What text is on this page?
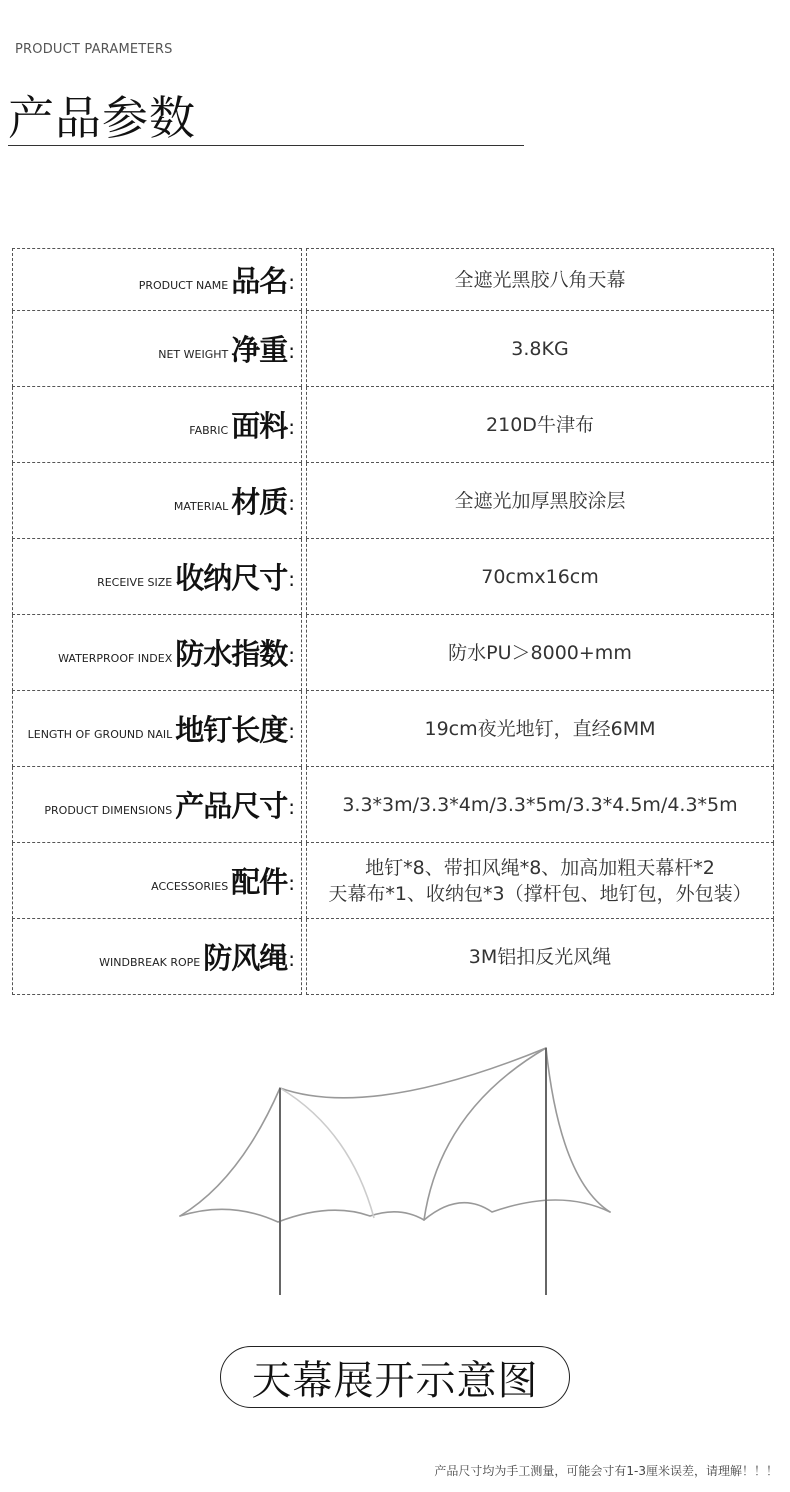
PRODUCT PARAMETERS
产品参数
PRODUCT NAME 品名 :	全遮光黑胶八角天幕
NET WEIGHT 净重 :	3.8KG
FABRIC 面料 :	210D牛津布
MATERIAL 材质 :	全遮光加厚黑胶涂层
RECEIVE SIZE 收纳尺寸 :	70cmx16cm
WATERPROOF INDEX 防水指数 :	防水PU＞8000+mm
LENGTH OF GROUND NAIL 地钉长度 :	19cm夜光地钉，直经6MM
PRODUCT DIMENSIONS 产品尺寸 : 3.3*3m/3.3*4m/3.3*5m/3.3*4.5m/4.3*5m
ACCESSORIES 配件 :
地钉*8、带扣风绳*8、加高加粗天幕杆*2
天幕布*1、收纳包*3（撑杆包、地钉包，外包装）
WINDBREAK ROPE 防风绳 :	3M铝扣反光风绳
天幕展开示意图
产品尺寸均为手工测量，可能会寸有1-3厘米误差，请理解！！！
